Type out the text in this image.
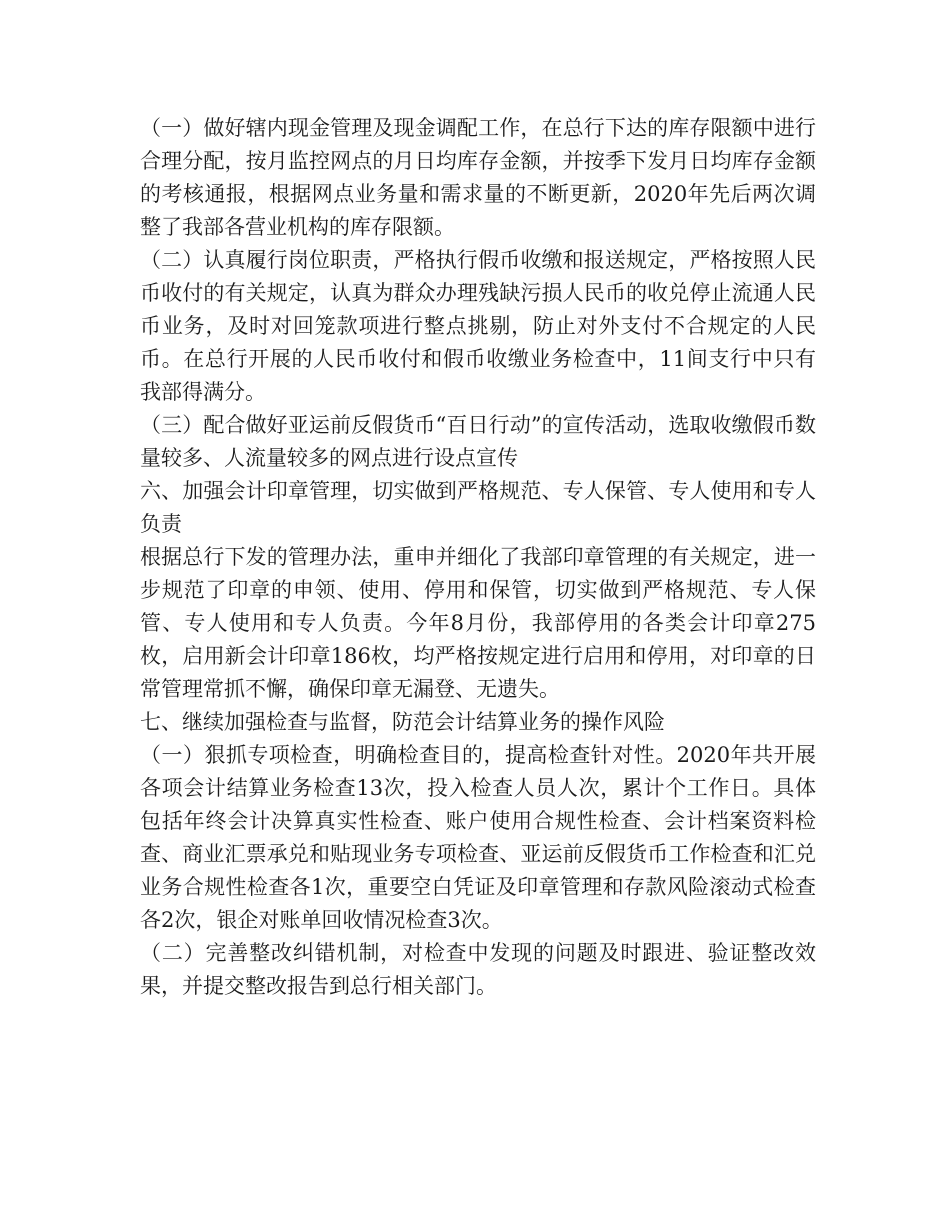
（一）做好辖内现金管理及现金调配工作，在总行下达的库存限额中进行合理分配，按月监控网点的月日均库存金额，并按季下发月日均库存金额的考核通报，根据网点业务量和需求量的不断更新，2020年先后两次调整了我部各营业机构的库存限额。

（二）认真履行岗位职责，严格执行假币收缴和报送规定，严格按照人民币收付的有关规定，认真为群众办理残缺污损人民币的收兑停止流通人民币业务，及时对回笼款项进行整点挑剔，防止对外支付不合规定的人民币。在总行开展的人民币收付和假币收缴业务检查中，11间支行中只有我部得满分。

（三）配合做好亚运前反假货币“百日行动”的宣传活动，选取收缴假币数量较多、人流量较多的网点进行设点宣传

六、加强会计印章管理，切实做到严格规范、专人保管、专人使用和专人负责

根据总行下发的管理办法，重申并细化了我部印章管理的有关规定，进一步规范了印章的申领、使用、停用和保管，切实做到严格规范、专人保管、专人使用和专人负责。今年8月份，我部停用的各类会计印章275枚，启用新会计印章186枚，均严格按规定进行启用和停用，对印章的日常管理常抓不懈，确保印章无漏登、无遗失。

七、继续加强检查与监督，防范会计结算业务的操作风险

（一）狠抓专项检查，明确检查目的，提高检查针对性。2020年共开展各项会计结算业务检查13次，投入检查人员人次，累计个工作日。具体包括年终会计决算真实性检查、账户使用合规性检查、会计档案资料检查、商业汇票承兑和贴现业务专项检查、亚运前反假货币工作检查和汇兑业务合规性检查各1次，重要空白凭证及印章管理和存款风险滚动式检查各2次，银企对账单回收情况检查3次。

（二）完善整改纠错机制，对检查中发现的问题及时跟进、验证整改效果，并提交整改报告到总行相关部门。
